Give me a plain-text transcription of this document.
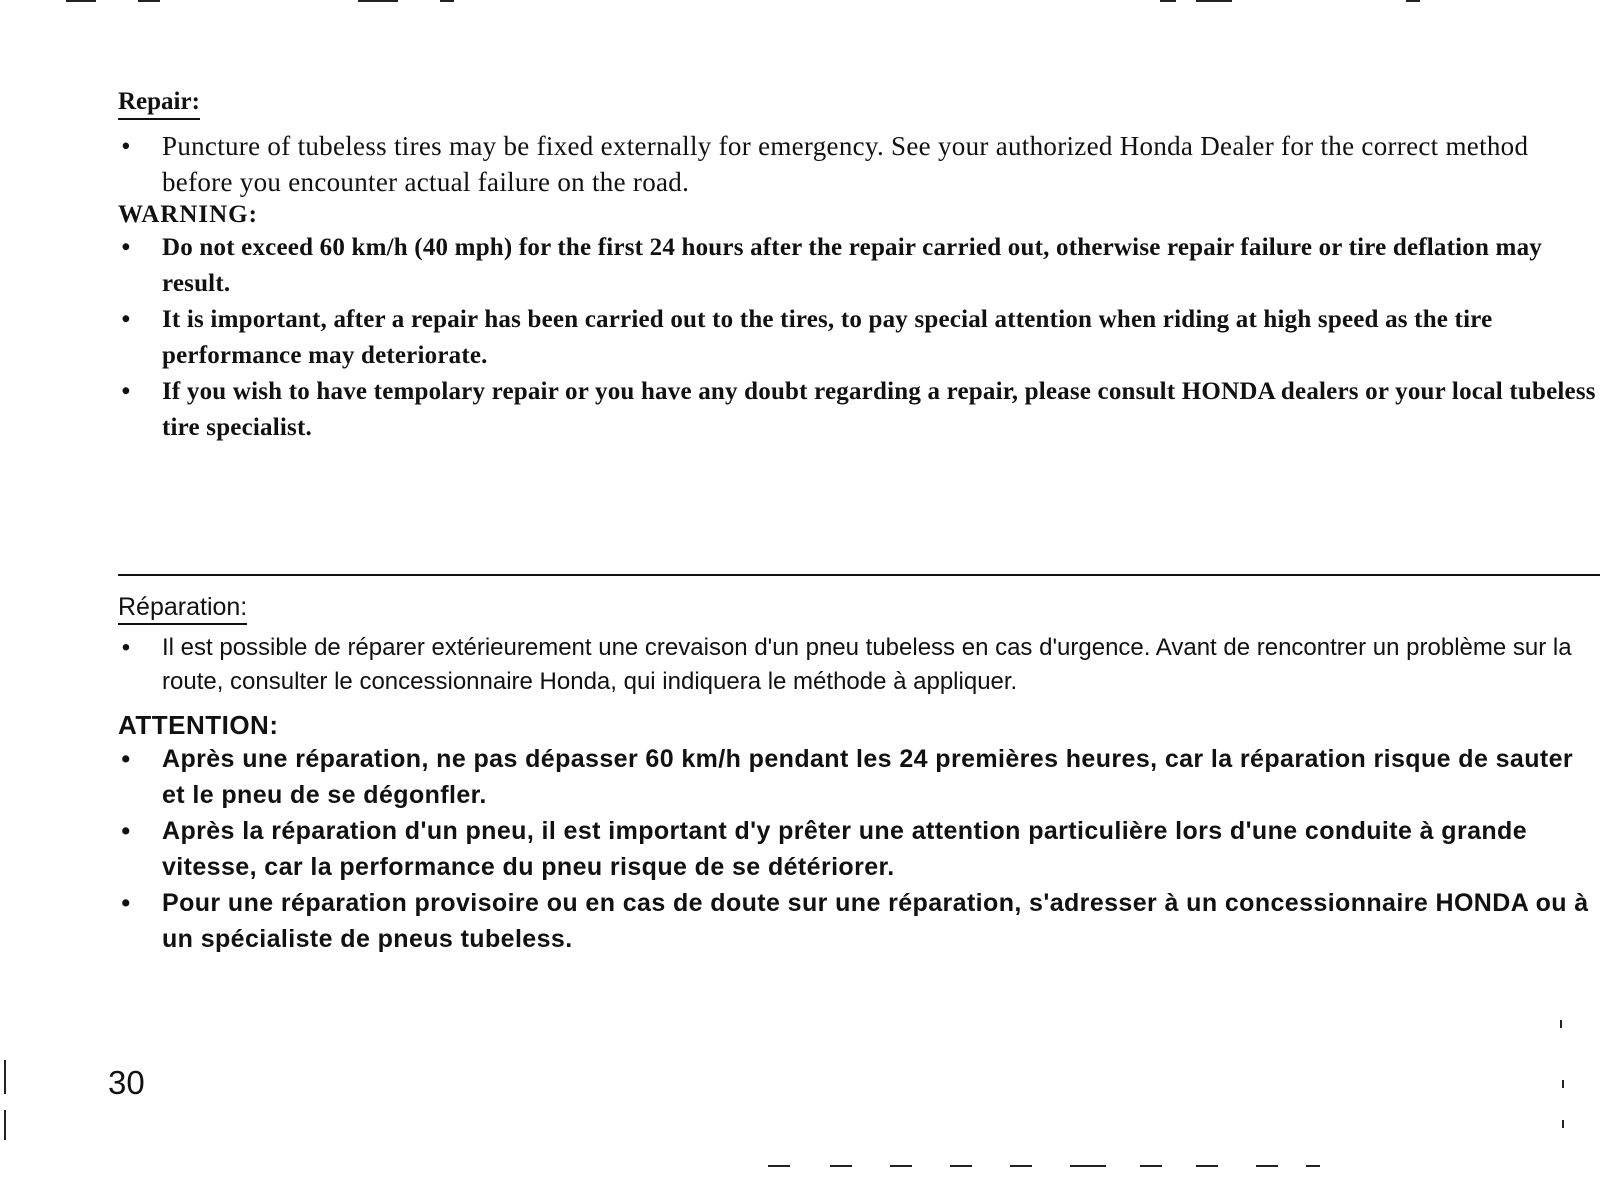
Repair:
• Puncture of tubeless tires may be fixed externally for emergency. See your authorized Honda Dealer for the correct method before you encounter actual failure on the road.
WARNING:
• Do not exceed 60 km/h (40 mph) for the first 24 hours after the repair carried out, otherwise repair failure or tire deflation may result.
• It is important, after a repair has been carried out to the tires, to pay special attention when riding at high speed as the tire performance may deteriorate.
• If you wish to have tempolary repair or you have any doubt regarding a repair, please consult HONDA dealers or your local tubeless tire specialist.
Réparation:
• Il est possible de réparer extérieurement une crevaison d'un pneu tubeless en cas d'urgence. Avant de rencontrer un problème sur la route, consulter le concessionnaire Honda, qui indiquera le méthode à appliquer.
ATTENTION:
• Après une réparation, ne pas dépasser 60 km/h pendant les 24 premières heures, car la réparation risque de sauter et le pneu de se dégonfler.
• Après la réparation d'un pneu, il est important d'y prêter une attention particulière lors d'une conduite à grande vitesse, car la performance du pneu risque de se détériorer.
• Pour une réparation provisoire ou en cas de doute sur une réparation, s'adresser à un concessionnaire HONDA ou à un spécialiste de pneus tubeless.
30
